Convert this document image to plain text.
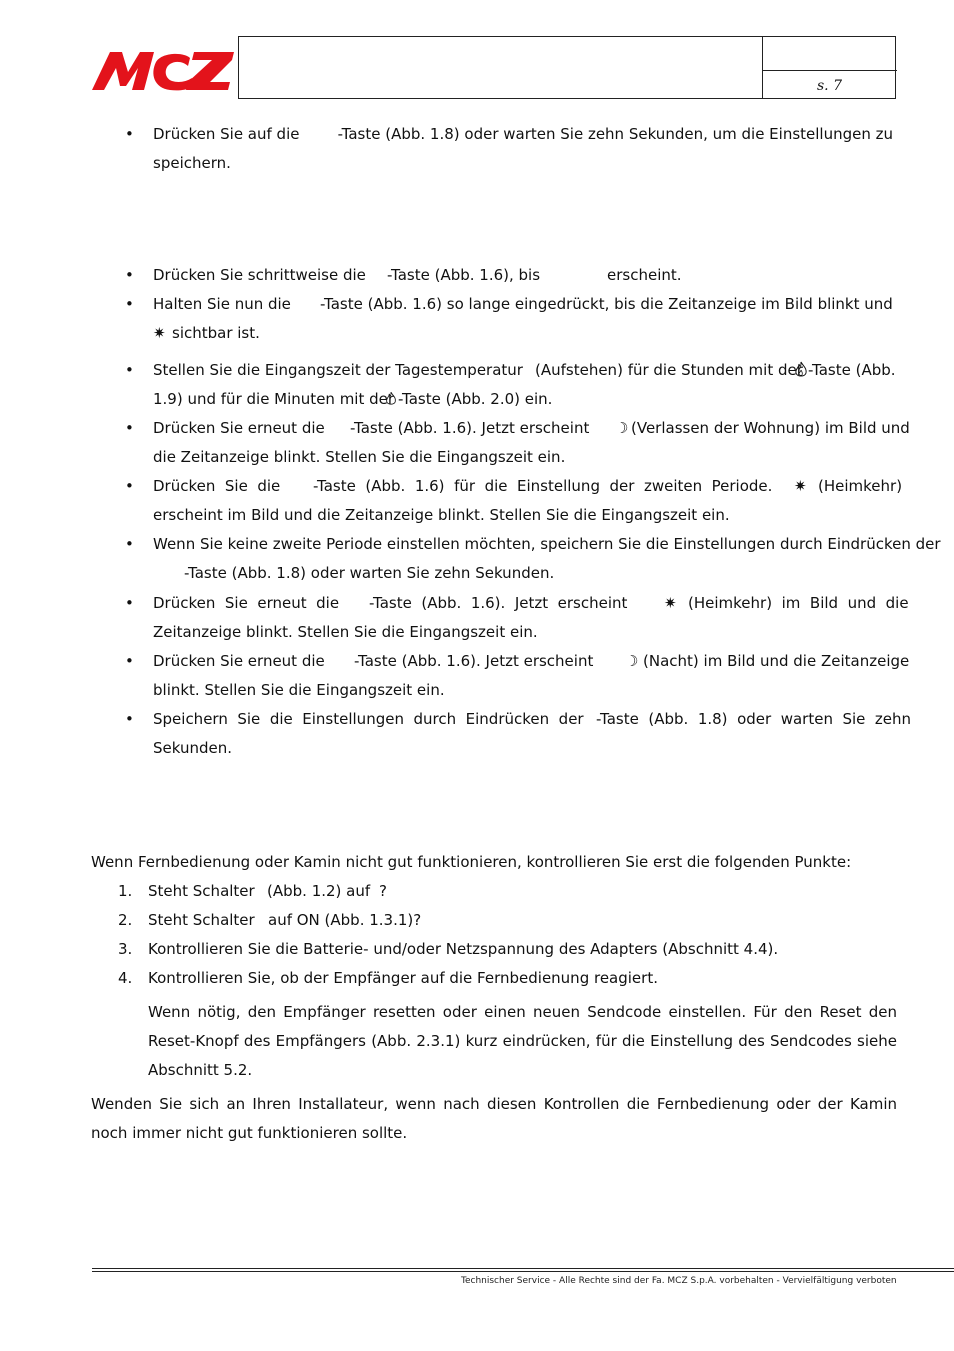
s. 7
• Drücken Sie auf die        -Taste (Abb. 1.8) oder warten Sie zehn Sekunden, um die Einstellungen zu
speichern.
• Drücken Sie schrittweise die -Taste (Abb. 1.6), bis	erscheint.
• Halten Sie nun die -Taste (Abb. 1.6) so lange eingedrückt, bis die Zeitanzeige im Bild blinkt und
✷ sichtbar ist.
• Stellen Sie die Eingangszeit der Tagestemperatur (Aufstehen) für die Stunden mit der -Taste (Abb.
1.9) und für die Minuten mit der -Taste (Abb. 2.0) ein.
• Drücken Sie erneut die -Taste (Abb. 1.6). Jetzt erscheint ☽ (Verlassen der Wohnung) im Bild und
die Zeitanzeige blinkt. Stellen Sie die Eingangszeit ein.
• Drücken  Sie  die -Taste  (Abb.  1.6)  für  die  Einstellung  der  zweiten  Periode. ✷ (Heimkehr)
erscheint im Bild und die Zeitanzeige blinkt. Stellen Sie die Eingangszeit ein.
• Wenn Sie keine zweite Periode einstellen möchten, speichern Sie die Einstellungen durch Eindrücken der
-Taste (Abb. 1.8) oder warten Sie zehn Sekunden.
• Drücken  Sie  erneut  die -Taste  (Abb.  1.6).  Jetzt  erscheint ✷ (Heimkehr)  im  Bild  und  die
Zeitanzeige blinkt. Stellen Sie die Eingangszeit ein.
• Drücken Sie erneut die -Taste (Abb. 1.6). Jetzt erscheint ☽ (Nacht) im Bild und die Zeitanzeige
blinkt. Stellen Sie die Eingangszeit ein.
• Speichern  Sie  die  Einstellungen  durch  Eindrücken  der -Taste  (Abb.  1.8)  oder  warten  Sie  zehn
Sekunden.
Wenn Fernbedienung oder Kamin nicht gut funktionieren, kontrollieren Sie erst die folgenden Punkte:
1. Steht Schalter (Abb. 1.2) auf ?
2. Steht Schalter auf ON (Abb. 1.3.1)?
3. Kontrollieren Sie die Batterie- und/oder Netzspannung des Adapters (Abschnitt 4.4).
4. Kontrollieren Sie, ob der Empfänger auf die Fernbedienung reagiert.
Wenn nötig, den Empfänger resetten oder einen neuen Sendcode einstellen. Für den Reset den Reset-Knopf des Empfängers (Abb. 2.3.1) kurz eindrücken, für die Einstellung des Sendcodes siehe Abschnitt 5.2.
Wenden Sie sich an Ihren Installateur, wenn nach diesen Kontrollen die Fernbedienung oder der Kamin noch immer nicht gut funktionieren sollte.
Technischer Service - Alle Rechte sind der Fa. MCZ S.p.A. vorbehalten - Vervielfältigung verboten
